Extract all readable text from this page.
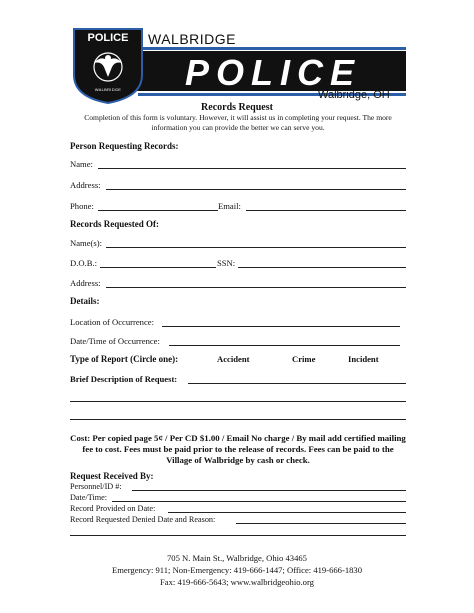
WALBRIDGE
POLICE
POLICE
WALBRIDGE	Walbridge, OH
Records Request
Completion of this form is voluntary. However, it will assist us in completing your request. The more information you can provide the better we can serve you.
Person Requesting Records:
Name:
Address:
Phone:	Email:
Records Requested Of:
Name(s):
D.O.B.:	SSN:
Address:
Details:
Location of Occurrence:
Date/Time of Occurrence:
Type of Report (Circle one):	Accident	Crime	Incident
Brief Description of Request:
Cost: Per copied page 5¢ / Per CD $1.00 / Email No charge / By mail add certified mailing fee to cost. Fees must be paid prior to the release of records. Fees can be paid to the Village of Walbridge by cash or check.
Request Received By:
Personnel/ID #:
Date/Time:
Record Provided on Date:
Record Requested Denied Date and Reason:
705 N. Main St., Walbridge, Ohio 43465
Emergency: 911; Non-Emergency: 419-666-1447; Office: 419-666-1830
Fax: 419-666-5643; www.walbridgeohio.org
